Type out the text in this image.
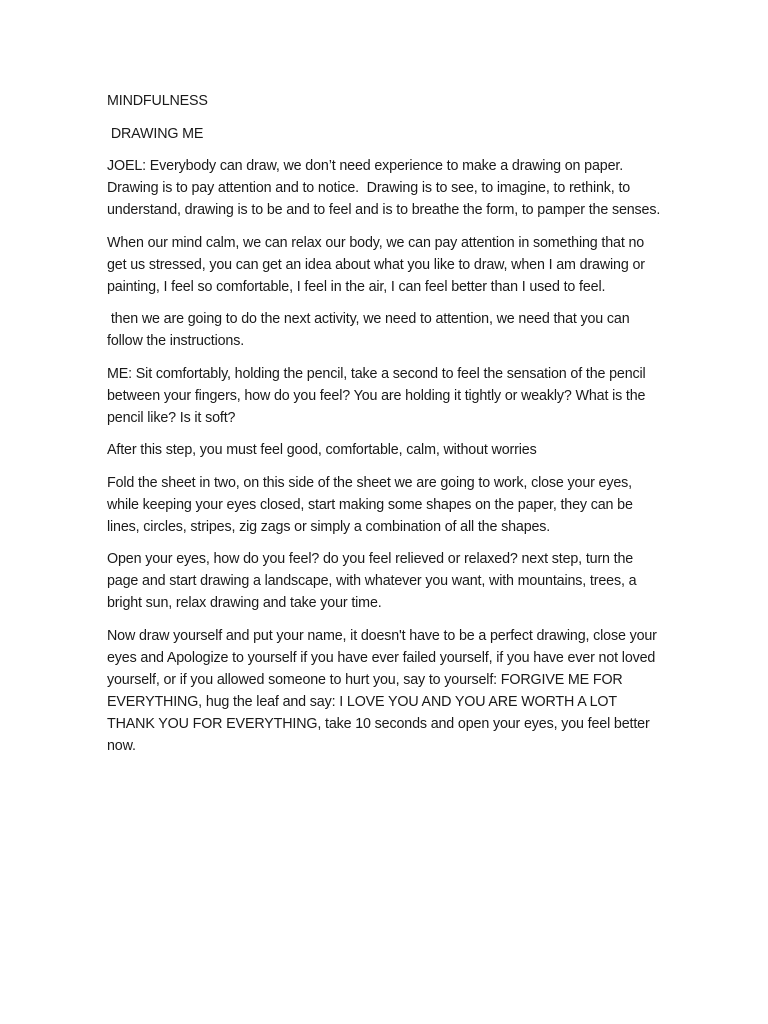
MINDFULNESS

DRAWING ME

JOEL: Everybody can draw, we don’t need experience to make a drawing on paper. Drawing is to pay attention and to notice.  Drawing is to see, to imagine, to rethink, to understand, drawing is to be and to feel and is to breathe the form, to pamper the senses.

When our mind calm, we can relax our body, we can pay attention in something that no get us stressed, you can get an idea about what you like to draw, when I am drawing or painting, I feel so comfortable, I feel in the air, I can feel better than I used to feel.

then we are going to do the next activity, we need to attention, we need that you can follow the instructions.

ME: Sit comfortably, holding the pencil, take a second to feel the sensation of the pencil between your fingers, how do you feel? You are holding it tightly or weakly? What is the pencil like? Is it soft?

After this step, you must feel good, comfortable, calm, without worries

Fold the sheet in two, on this side of the sheet we are going to work, close your eyes, while keeping your eyes closed, start making some shapes on the paper, they can be lines, circles, stripes, zig zags or simply a combination of all the shapes.

Open your eyes, how do you feel? do you feel relieved or relaxed? next step, turn the page and start drawing a landscape, with whatever you want, with mountains, trees, a bright sun, relax drawing and take your time.

Now draw yourself and put your name, it doesn't have to be a perfect drawing, close your eyes and Apologize to yourself if you have ever failed yourself, if you have ever not loved yourself, or if you allowed someone to hurt you, say to yourself: FORGIVE ME FOR EVERYTHING, hug the leaf and say: I LOVE YOU AND YOU ARE WORTH A LOT THANK YOU FOR EVERYTHING, take 10 seconds and open your eyes, you feel better now.
